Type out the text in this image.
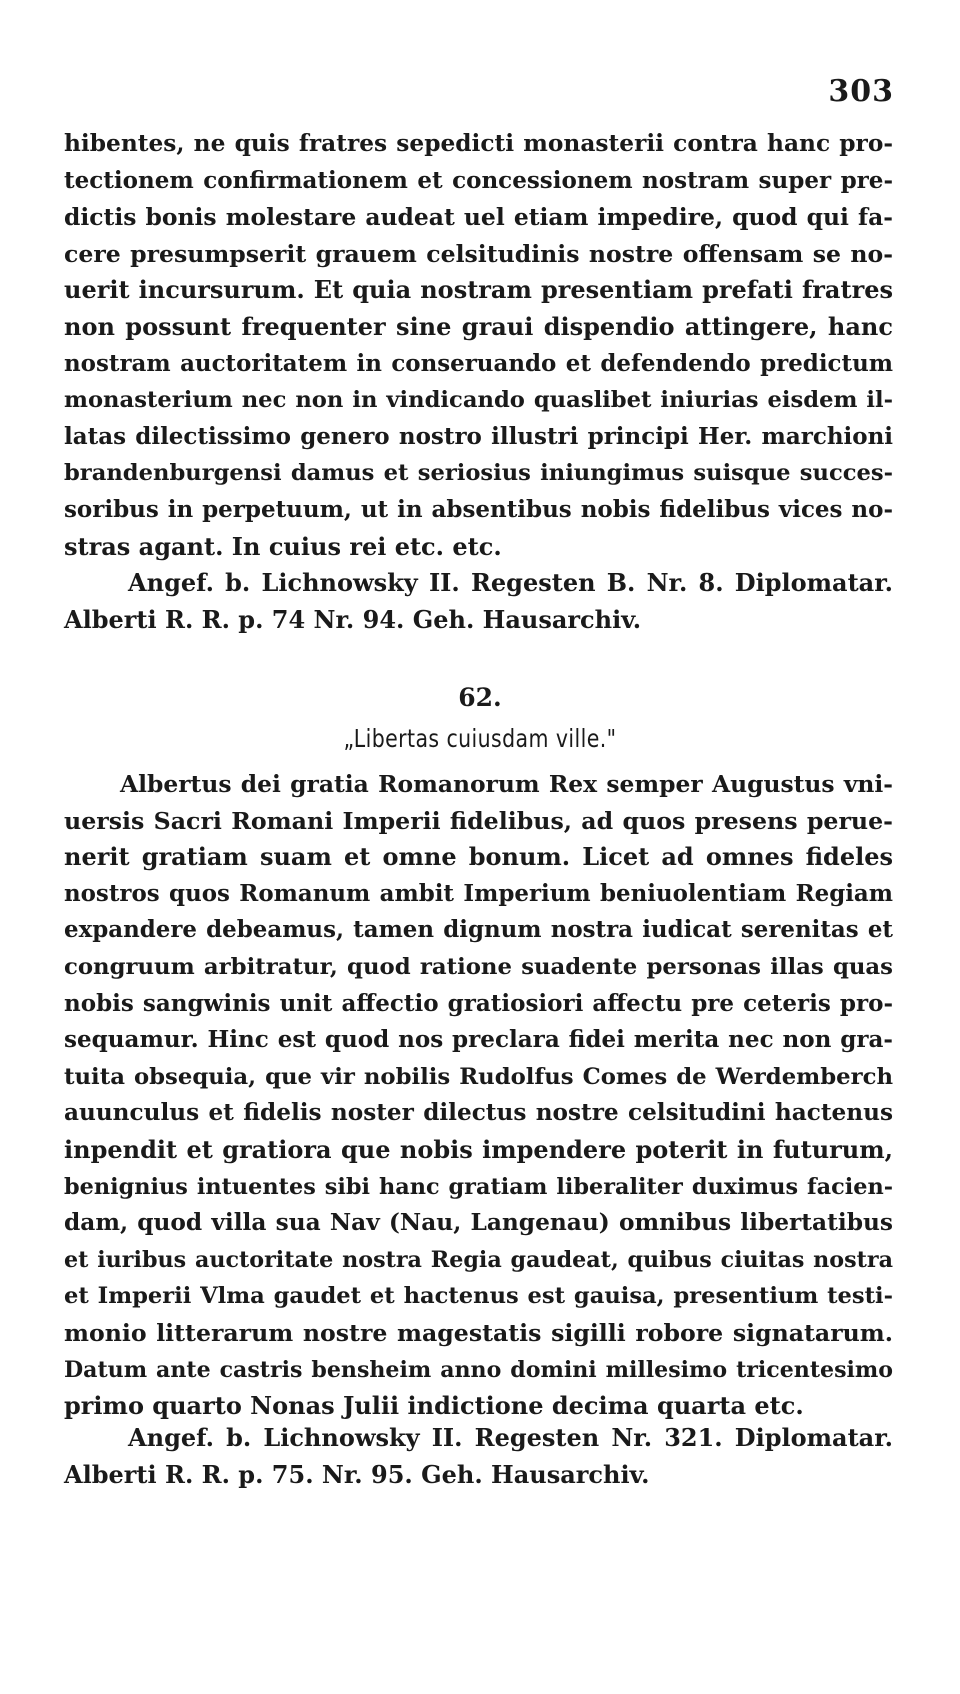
303
hibentes, ne quis fratres sepedicti monasterii contra hanc pro-
tectionem confirmationem et concessionem nostram super pre-
dictis bonis molestare audeat uel etiam impedire, quod qui fa-
cere presumpserit grauem celsitudinis nostre offensam se no-
uerit incursurum. Et quia nostram presentiam prefati fratres
non possunt frequenter sine graui dispendio attingere, hanc
nostram auctoritatem in conseruando et defendendo predictum
monasterium nec non in vindicando quaslibet iniurias eisdem il-
latas dilectissimo genero nostro illustri principi Her. marchioni
brandenburgensi damus et seriosius iniungimus suisque succes-
soribus in perpetuum, ut in absentibus nobis fidelibus vices no-
stras agant. In cuius rei etc. etc.
Angef. b. Lichnowsky II. Regesten B. Nr. 8. Diplomatar.
Alberti R. R. p. 74 Nr. 94. Geh. Hausarchiv.
62.
„Libertas cuiusdam ville."
Albertus dei gratia Romanorum Rex semper Augustus vni-
uersis Sacri Romani Imperii fidelibus, ad quos presens perue-
nerit gratiam suam et omne bonum. Licet ad omnes fideles
nostros quos Romanum ambit Imperium beniuolentiam Regiam
expandere debeamus, tamen dignum nostra iudicat serenitas et
congruum arbitratur, quod ratione suadente personas illas quas
nobis sangwinis unit affectio gratiosiori affectu pre ceteris pro-
sequamur. Hinc est quod nos preclara fidei merita nec non gra-
tuita obsequia, que vir nobilis Rudolfus Comes de Werdemberch
auunculus et fidelis noster dilectus nostre celsitudini hactenus
inpendit et gratiora que nobis impendere poterit in futurum,
benignius intuentes sibi hanc gratiam liberaliter duximus facien-
dam, quod villa sua Nav (Nau, Langenau) omnibus libertatibus
et iuribus auctoritate nostra Regia gaudeat, quibus ciuitas nostra
et Imperii Vlma gaudet et hactenus est gauisa, presentium testi-
monio litterarum nostre magestatis sigilli robore signatarum.
Datum ante castris bensheim anno domini millesimo tricentesimo
primo quarto Nonas Julii indictione decima quarta etc.
Angef. b. Lichnowsky II. Regesten Nr. 321. Diplomatar.
Alberti R. R. p. 75. Nr. 95. Geh. Hausarchiv.
